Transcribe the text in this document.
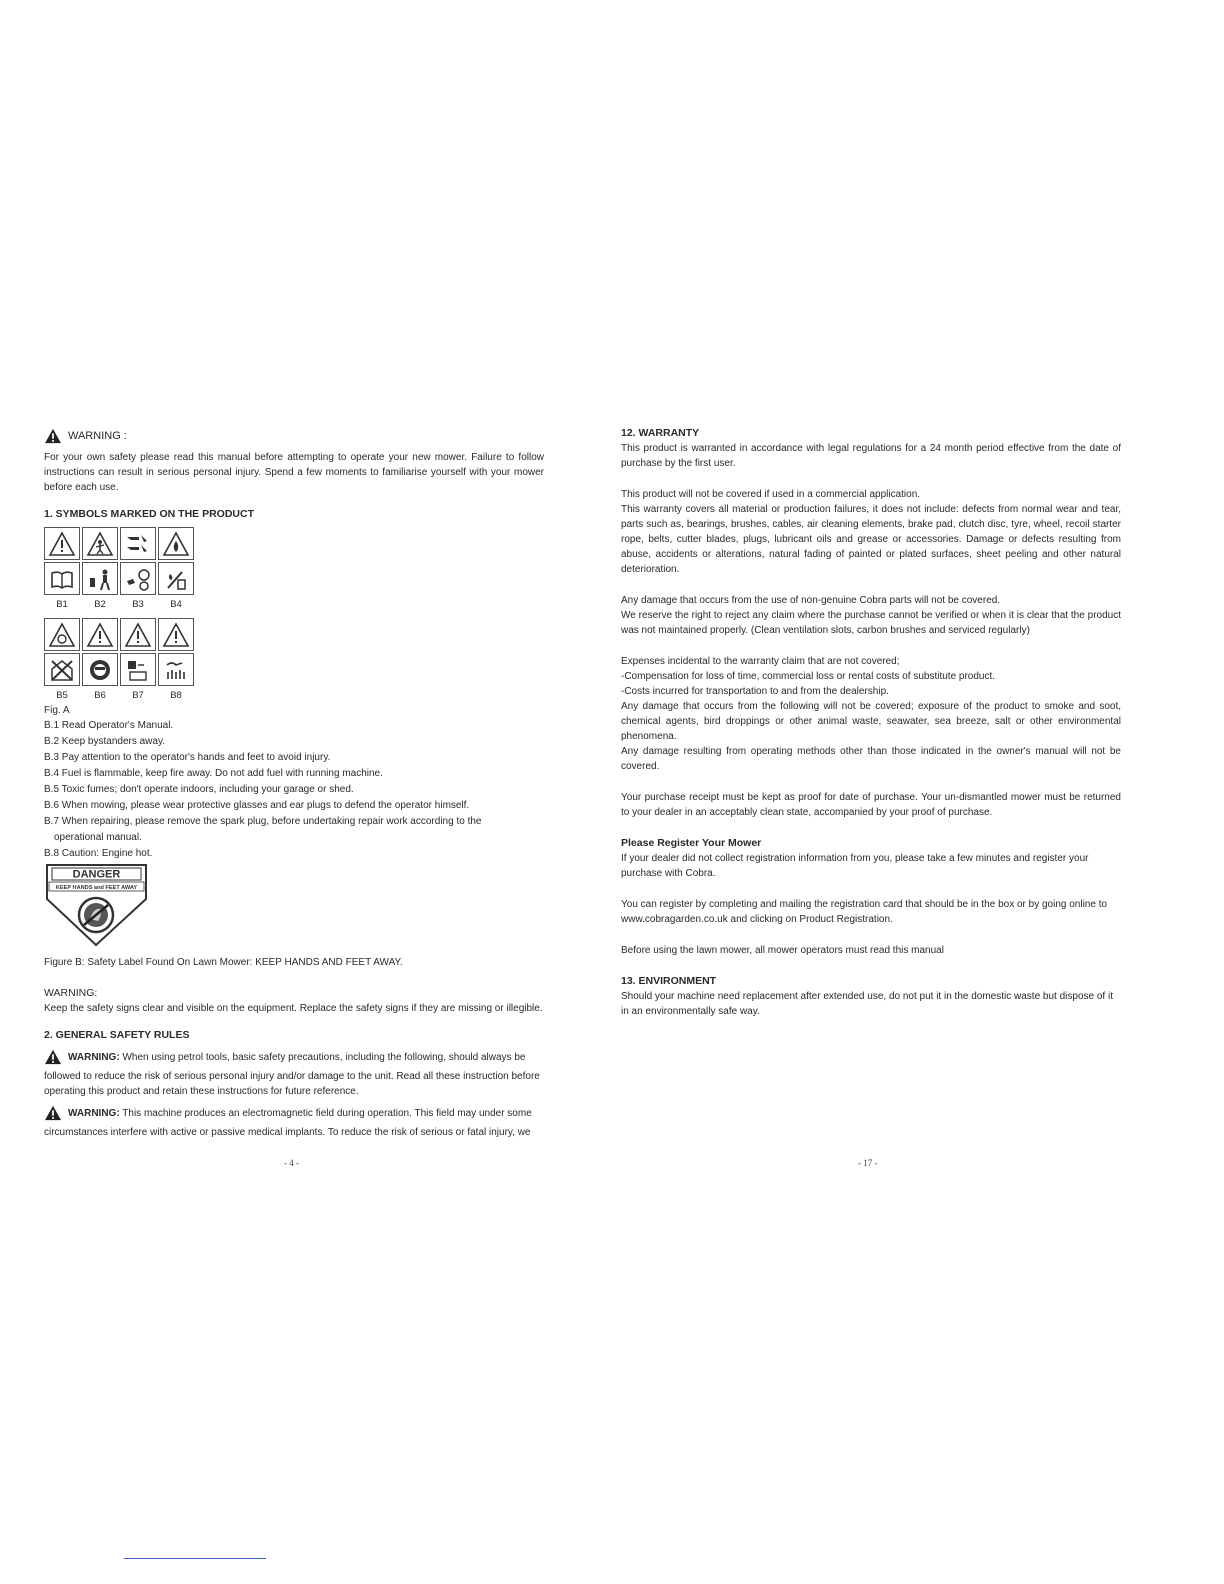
WARNING :
For your own safety please read this manual before attempting to operate your new mower. Failure to follow instructions can result in serious personal injury. Spend a few moments to familiarise yourself with your mower before each use.
1. SYMBOLS MARKED ON THE PRODUCT
B1	B2	B3	B4
B5	B6	B7	B8
Fig. A
B.1 Read Operator's Manual.
B.2 Keep bystanders away.
B.3 Pay attention to the operator's hands and feet to avoid injury.
B.4 Fuel is flammable, keep fire away. Do not add fuel with running machine.
B.5 Toxic fumes; don't operate indoors, including your garage or shed.
B.6 When mowing, please wear protective glasses and ear plugs to defend the operator himself.
B.7 When repairing, please remove the spark plug, before undertaking repair work according to the
operational manual.
B.8 Caution: Engine hot.
DANGER
KEEP HANDS and FEET AWAY
Figure B: Safety Label Found On Lawn Mower: KEEP HANDS AND FEET AWAY.
WARNING:
Keep the safety signs clear and visible on the equipment. Replace the safety signs if they are missing or illegible.
2. GENERAL SAFETY RULES
WARNING: When using petrol tools, basic safety precautions, including the following, should always be
followed to reduce the risk of serious personal injury and/or damage to the unit. Read all these instruction before operating this product and retain these instructions for future reference.
WARNING: This machine produces an electromagnetic field during operation. This field may under some
circumstances interfere with active or passive medical implants. To reduce the risk of serious or fatal injury, we
- 4 -
12. WARRANTY
This product is warranted in accordance with legal regulations for a 24 month period effective from the date of purchase by the first user.
This product will not be covered if used in a commercial application.
This warranty covers all material or production failures, it does not include: defects from normal wear and tear, parts such as, bearings, brushes, cables, air cleaning elements, brake pad, clutch disc, tyre, wheel, recoil starter rope, belts, cutter blades, plugs, lubricant oils and grease or accessories. Damage or defects resulting from abuse, accidents or alterations, natural fading of painted or plated surfaces, sheet peeling and other natural deterioration.
Any damage that occurs from the use of non-genuine Cobra parts will not be covered.
We reserve the right to reject any claim where the purchase cannot be verified or when it is clear that the product was not maintained properly. (Clean ventilation slots, carbon brushes and serviced regularly)
Expenses incidental to the warranty claim that are not covered;
-Compensation for loss of time, commercial loss or rental costs of substitute product.
-Costs incurred for transportation to and from the dealership.
Any damage that occurs from the following will not be covered; exposure of the product to smoke and soot, chemical agents, bird droppings or other animal waste, seawater, sea breeze, salt or other environmental phenomena.
Any damage resulting from operating methods other than those indicated in the owner's manual will not be covered.
Your purchase receipt must be kept as proof for date of purchase. Your un-dismantled mower must be returned to your dealer in an acceptably clean state, accompanied by your proof of purchase.
Please Register Your Mower
If your dealer did not collect registration information from you, please take a few minutes and register your purchase with Cobra.
You can register by completing and mailing the registration card that should be in the box or by going online to www.cobragarden.co.uk and clicking on Product Registration.
Before using the lawn mower, all mower operators must read this manual
13. ENVIRONMENT
Should your machine need replacement after extended use, do not put it in the domestic waste but dispose of it in an environmentally safe way.
- 17 -
